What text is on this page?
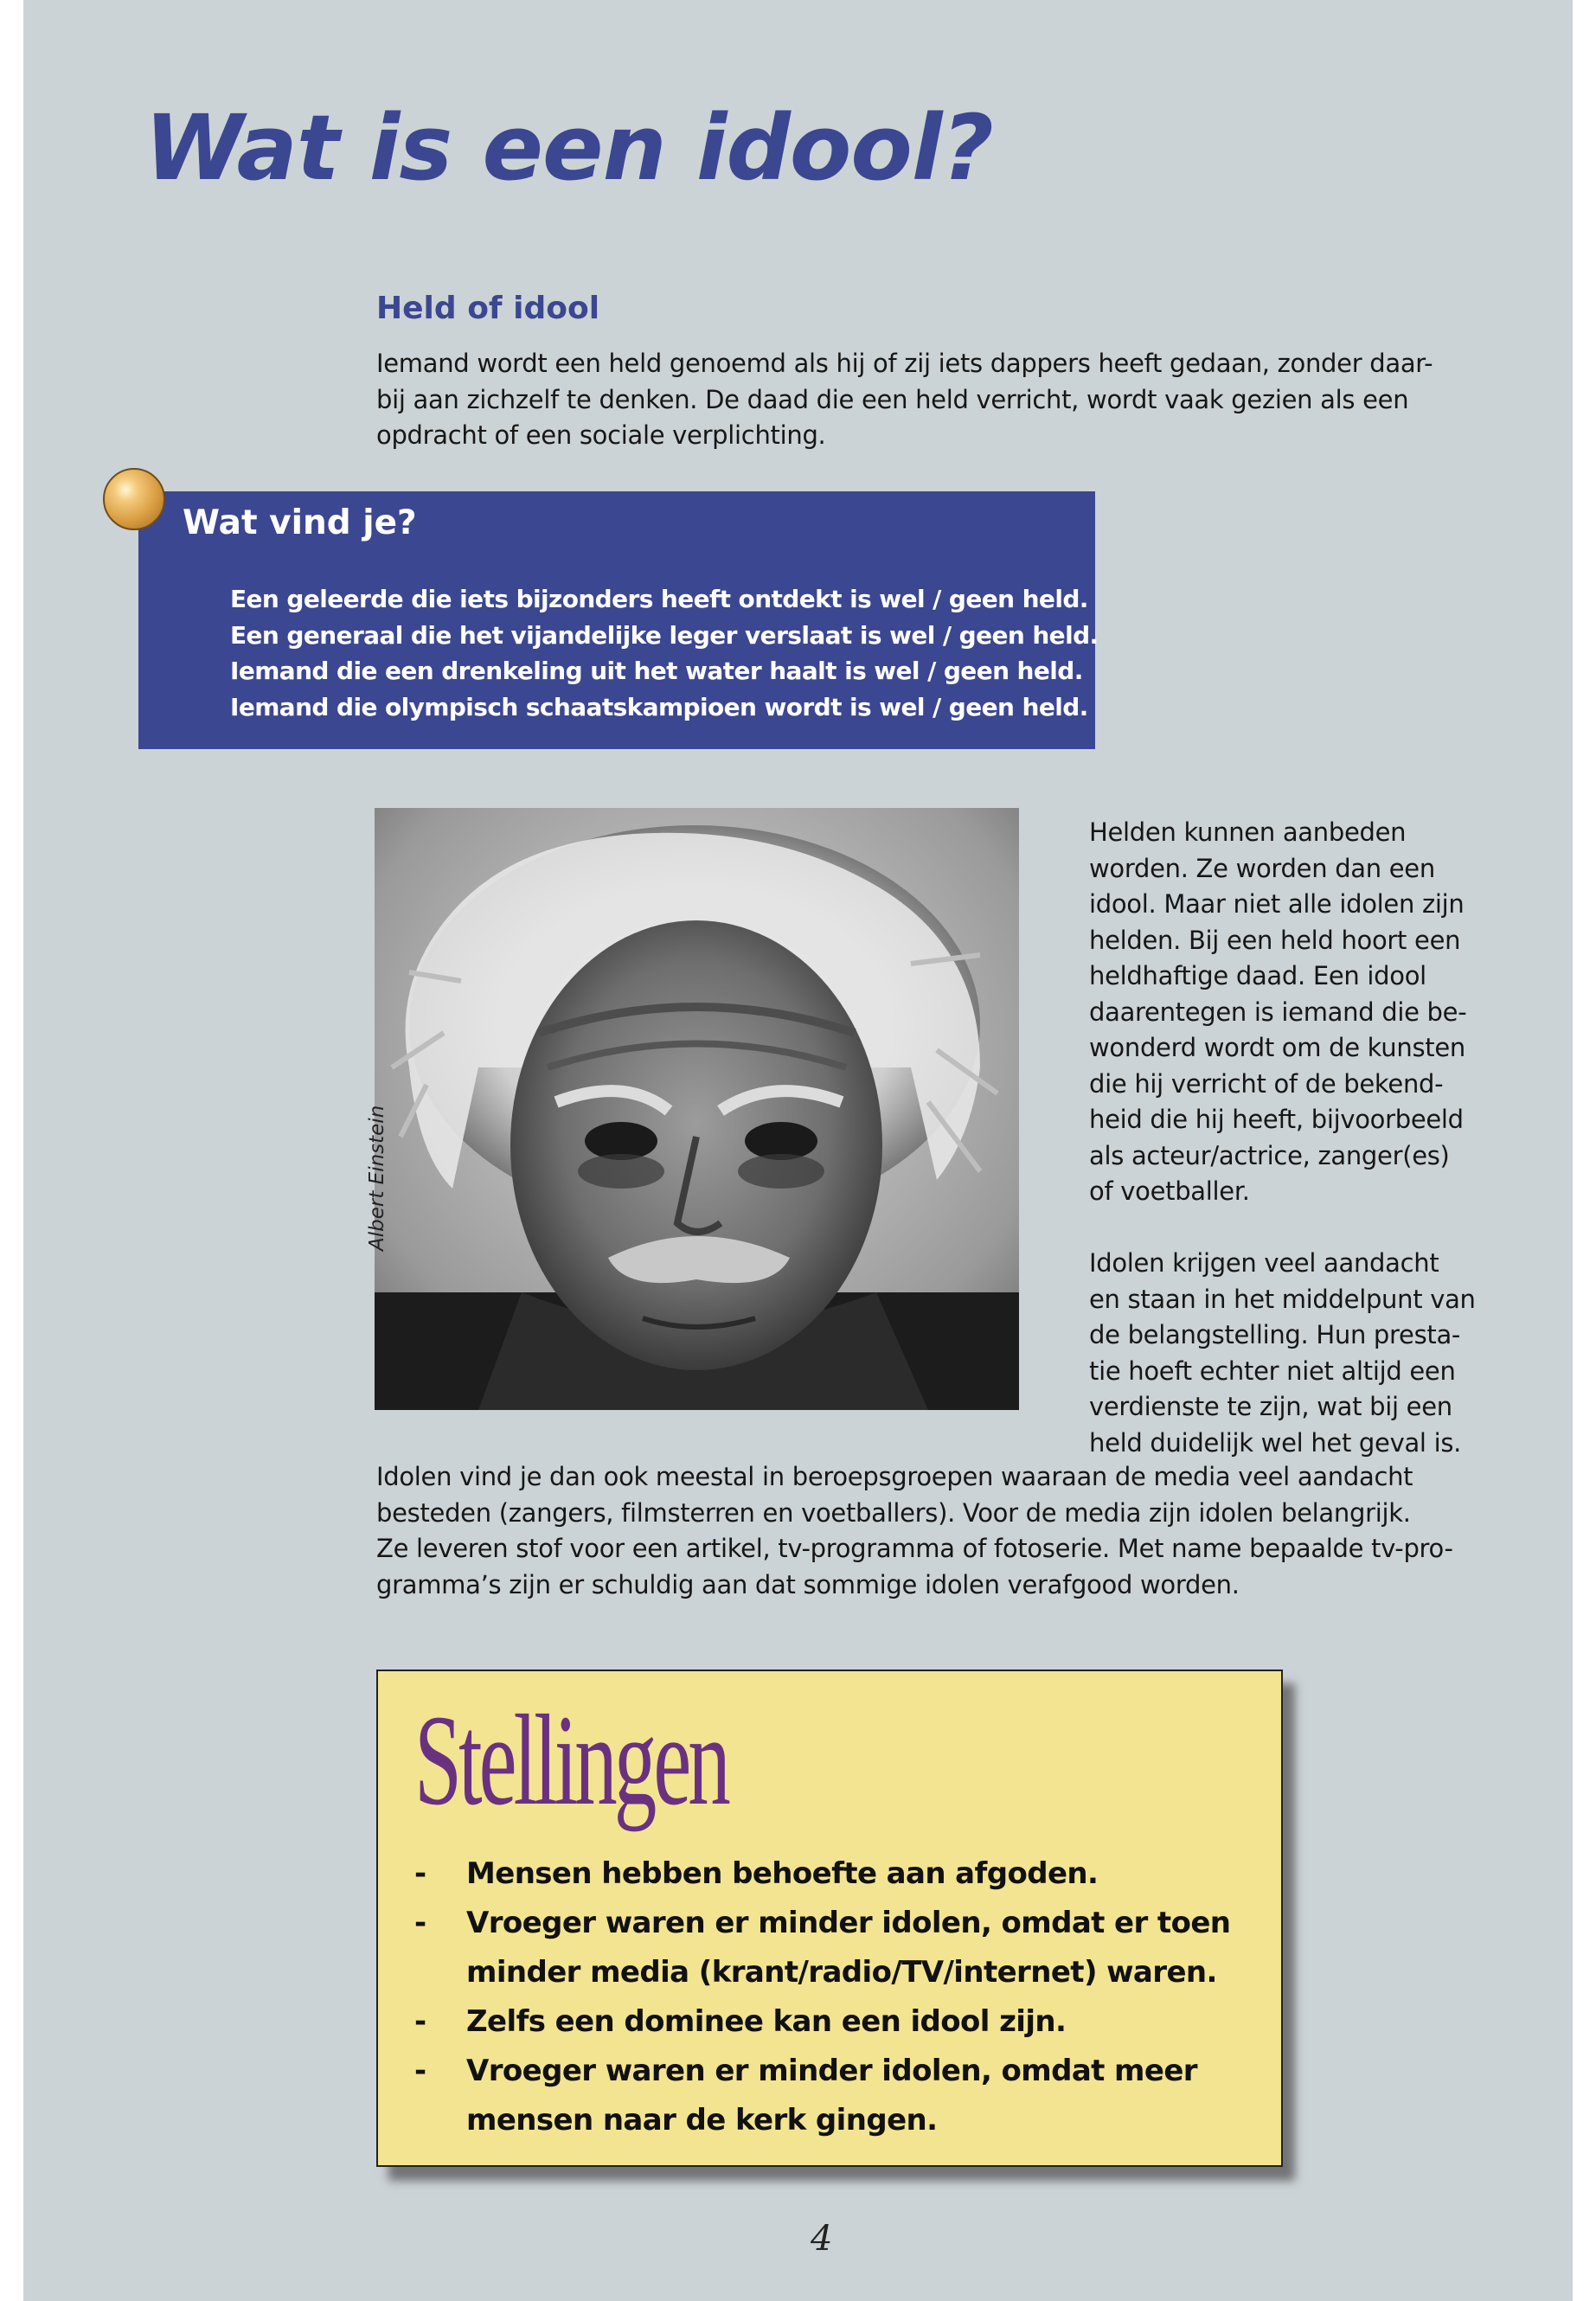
Wat is een idool?
Held of idool

Iemand wordt een held genoemd als hij of zij iets dappers heeft gedaan, zonder daar-
bij aan zichzelf te denken. De daad die een held verricht, wordt vaak gezien als een
opdracht of een sociale verplichting.

Wat vind je?
Een geleerde die iets bijzonders heeft ontdekt is wel / geen held.
Een generaal die het vijandelijke leger verslaat is wel / geen held.
Iemand die een drenkeling uit het water haalt is wel / geen held.
Iemand die olympisch schaatskampioen wordt is wel / geen held.
Albert Einstein
Helden kunnen aanbeden
worden. Ze worden dan een
idool. Maar niet alle idolen zijn
helden. Bij een held hoort een
heldhaftige daad. Een idool
daarentegen is iemand die be-
wonderd wordt om de kunsten
die hij verricht of de bekend-
heid die hij heeft, bijvoorbeeld
als acteur/actrice, zanger(es)
of voetballer.
Idolen krijgen veel aandacht
en staan in het middelpunt van
de belangstelling. Hun presta-
tie hoeft echter niet altijd een
verdienste te zijn, wat bij een
held duidelijk wel het geval is.
Idolen vind je dan ook meestal in beroepsgroepen waaraan de media veel aandacht
besteden (zangers, filmsterren en voetballers). Voor de media zijn idolen belangrijk.
Ze leveren stof voor een artikel, tv-programma of fotoserie. Met name bepaalde tv-pro-
gramma’s zijn er schuldig aan dat sommige idolen verafgood worden.
Stellingen
- Mensen hebben behoefte aan afgoden.
- Vroeger waren er minder idolen, omdat er toen
minder media (krant/radio/TV/internet) waren.
- Zelfs een dominee kan een idool zijn.
- Vroeger waren er minder idolen, omdat meer
mensen naar de kerk gingen.
4
